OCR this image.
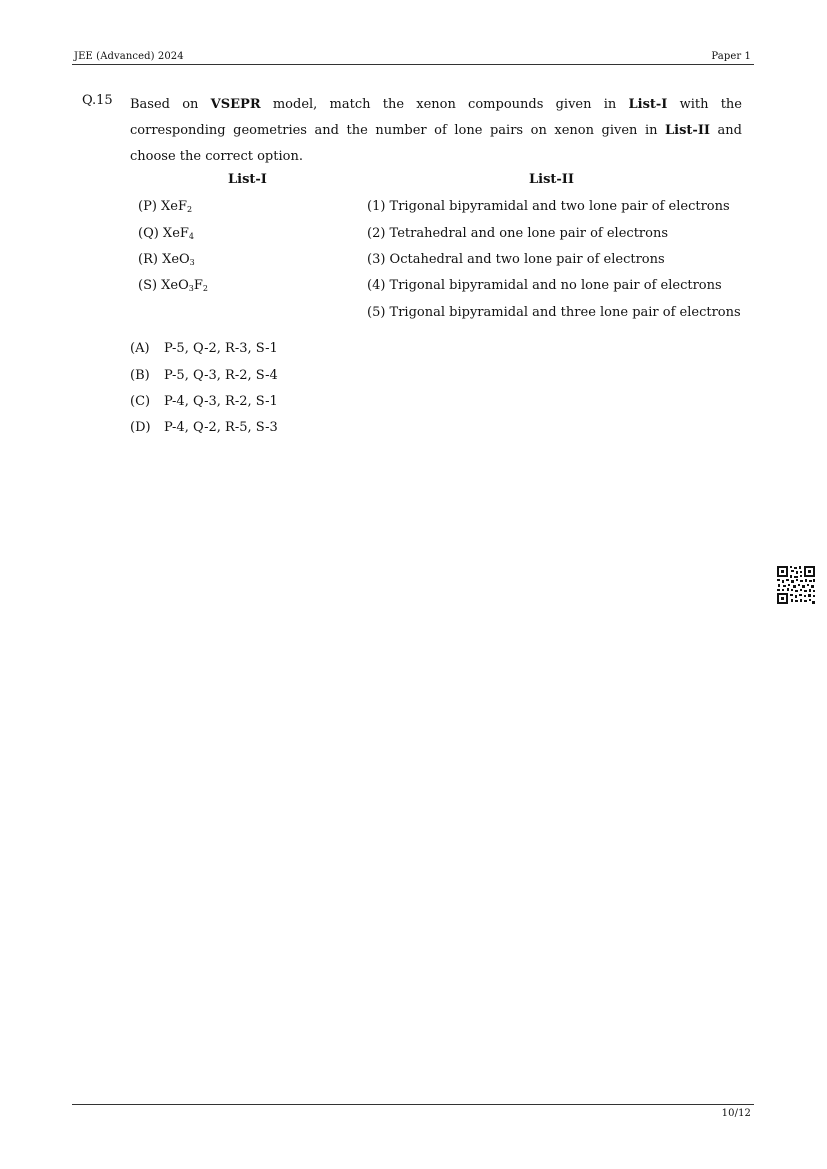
JEE (Advanced) 2024	Paper 1
Q.15 Based on VSEPR model, match the xenon compounds given in List-I with the corresponding geometries and the number of lone pairs on xenon given in List-II and choose the correct option.
List-I	List-II
(P) XeF$_2$
(Q) XeF$_4$
(R) XeO$_3$
(S) $XeO_3F_2$
(1) Trigonal bipyramidal and two lone pair of electrons
(2) Tetrahedral and one lone pair of electrons
(3) Octahedral and two lone pair of electrons
(4) Trigonal bipyramidal and no lone pair of electrons
(5) Trigonal bipyramidal and three lone pair of electrons
(A) P-5, Q-2, R-3, S-1
(B) P-5, Q-3, R-2, S-4
(C) P-4, Q-3, R-2, S-1
(D) P-4, Q-2, R-5, S-3
10/12
